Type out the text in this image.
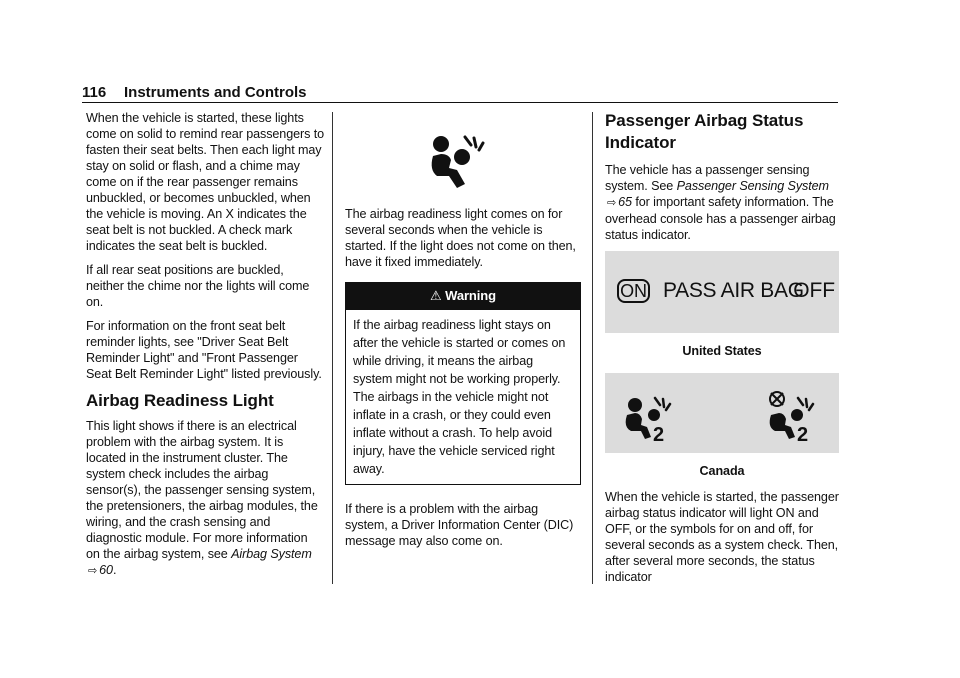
116 Instruments and Controls

When the vehicle is started, these lights come on solid to remind rear passengers to fasten their seat belts. Then each light may stay on solid or flash, and a chime may come on if the rear passenger remains unbuckled, or becomes unbuckled, when the vehicle is moving. An X indicates the seat belt is not buckled. A check mark indicates the seat belt is buckled.

If all rear seat positions are buckled, neither the chime nor the lights will come on.

For information on the front seat belt reminder lights, see "Driver Seat Belt Reminder Light" and "Front Passenger Seat Belt Reminder Light" listed previously.

Airbag Readiness Light

This light shows if there is an electrical problem with the airbag system. It is located in the instrument cluster. The system check includes the airbag sensor(s), the passenger sensing system, the pretensioners, the airbag modules, the wiring, and the crash sensing and diagnostic module. For more information on the airbag system, see Airbag System ⇨ 60.

The airbag readiness light comes on for several seconds when the vehicle is started. If the light does not come on then, have it fixed immediately.

⚠ Warning
If the airbag readiness light stays on after the vehicle is started or comes on while driving, it means the airbag system might not be working properly. The airbags in the vehicle might not inflate in a crash, or they could even inflate without a crash. To help avoid injury, have the vehicle serviced right away.

If there is a problem with the airbag system, a Driver Information Center (DIC) message may also come on.

Passenger Airbag Status Indicator

The vehicle has a passenger sensing system. See Passenger Sensing System ⇨ 65 for important safety information. The overhead console has a passenger airbag status indicator.

ON PASS AIR BAG
OFF
United States
2	2
Canada

When the vehicle is started, the passenger airbag status indicator will light ON and OFF, or the symbols for on and off, for several seconds as a system check. Then, after several more seconds, the status indicator
